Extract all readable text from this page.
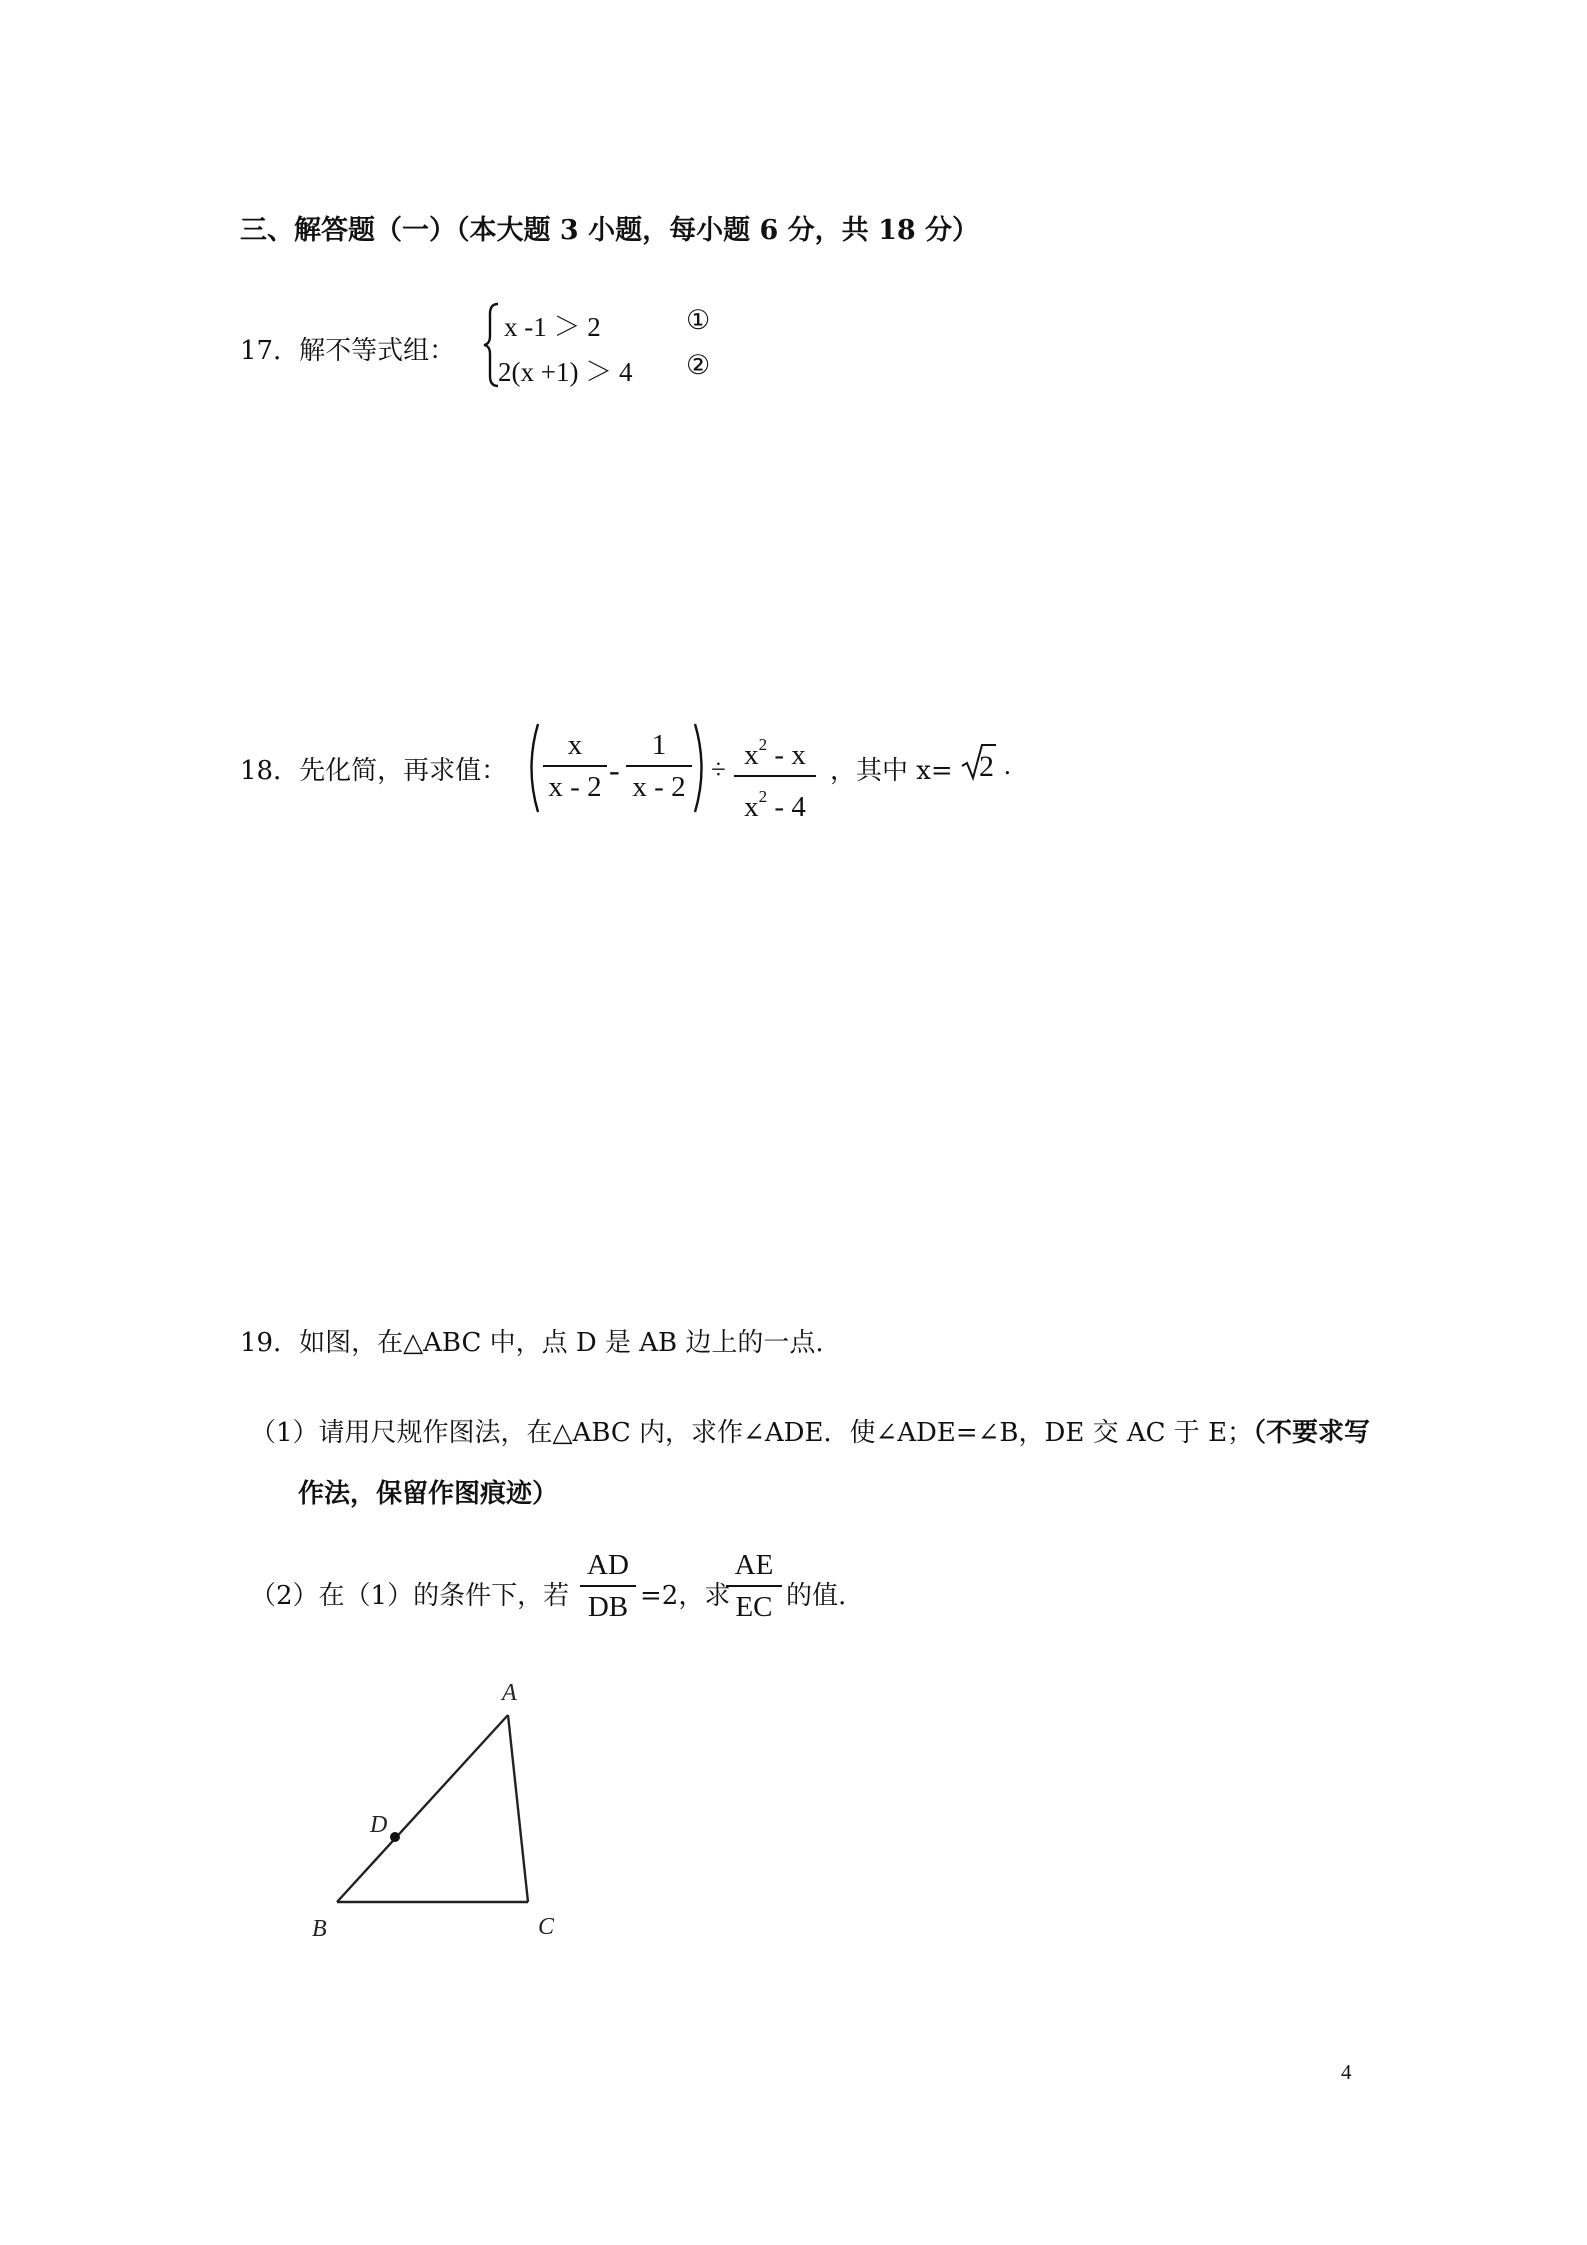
三、解答题（一）（本大题 3 小题，每小题 6 分，共 18 分）
17．解不等式组：
x -1 ＞ 2	①
2(x +1) ＞ 4 ②
18．先化简，再求值：
x
x - 2 -
1
x - 2
÷ $x^2$ - x
$x^2 - 4$
，其中 x= 2 .
19．如图，在△ABC 中，点 D 是 AB 边上的一点.
（1）请用尺规作图法，在△ABC 内，求作∠ADE．使∠ADE=∠B，DE 交 AC 于 E；（不要求写
作法，保留作图痕迹）
（2）在（1）的条件下，若
AD
DB =2，求
AE
EC 的值.
A
B	C
D
4
